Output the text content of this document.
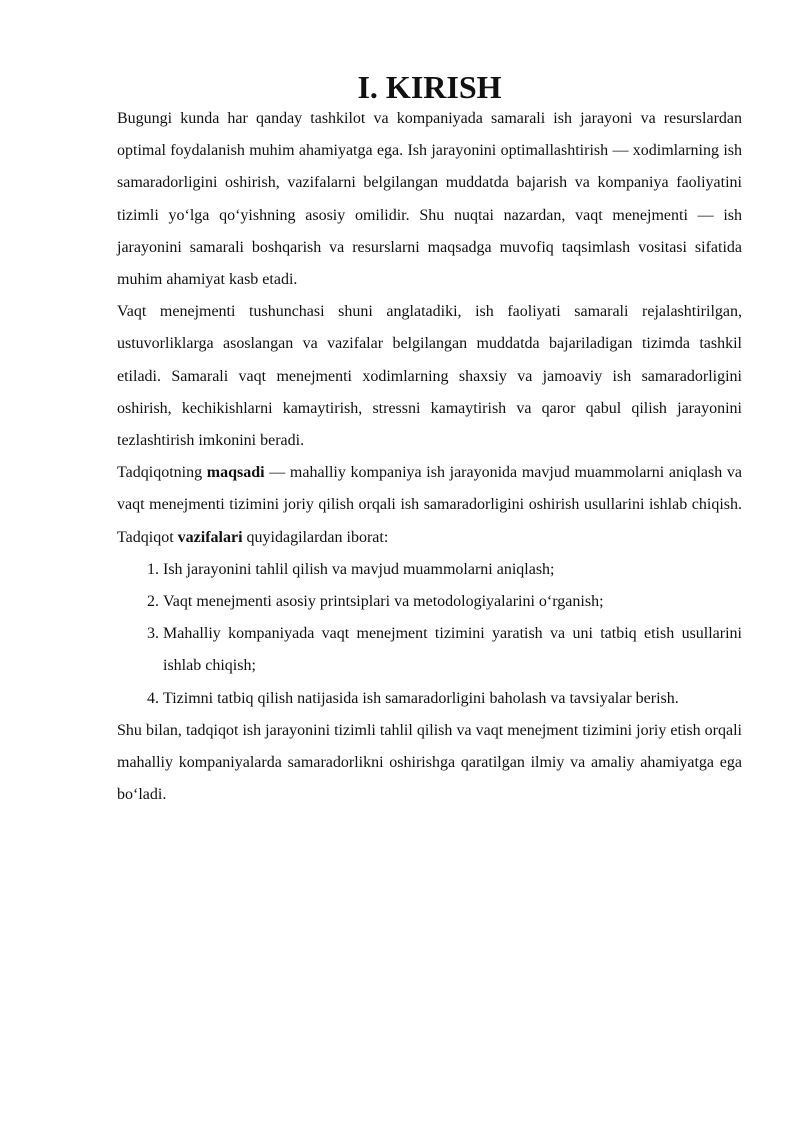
I. KIRISH

Bugungi kunda har qanday tashkilot va kompaniyada samarali ish jarayoni va resurslardan optimal foydalanish muhim ahamiyatga ega. Ish jarayonini optimallashtirish — xodimlarning ish samaradorligini oshirish, vazifalarni belgilangan muddatda bajarish va kompaniya faoliyatini tizimli yo‘lga qo‘yishning asosiy omilidir. Shu nuqtai nazardan, vaqt menejmenti — ish jarayonini samarali boshqarish va resurslarni maqsadga muvofiq taqsimlash vositasi sifatida muhim ahamiyat kasb etadi.

Vaqt menejmenti tushunchasi shuni anglatadiki, ish faoliyati samarali rejalashtirilgan, ustuvorliklarga asoslangan va vazifalar belgilangan muddatda bajariladigan tizimda tashkil etiladi. Samarali vaqt menejmenti xodimlarning shaxsiy va jamoaviy ish samaradorligini oshirish, kechikishlarni kamaytirish, stressni kamaytirish va qaror qabul qilish jarayonini tezlashtirish imkonini beradi.

Tadqiqotning maqsadi — mahalliy kompaniya ish jarayonida mavjud muammolarni aniqlash va vaqt menejmenti tizimini joriy qilish orqali ish samaradorligini oshirish usullarini ishlab chiqish. Tadqiqot vazifalari quyidagilardan iborat:

1. Ish jarayonini tahlil qilish va mavjud muammolarni aniqlash;
2. Vaqt menejmenti asosiy printsiplari va metodologiyalarini o‘rganish;
3. Mahalliy kompaniyada vaqt menejment tizimini yaratish va uni tatbiq etish usullarini ishlab chiqish;
4. Tizimni tatbiq qilish natijasida ish samaradorligini baholash va tavsiyalar berish.

Shu bilan, tadqiqot ish jarayonini tizimli tahlil qilish va vaqt menejment tizimini joriy etish orqali mahalliy kompaniyalarda samaradorlikni oshirishga qaratilgan ilmiy va amaliy ahamiyatga ega bo‘ladi.
